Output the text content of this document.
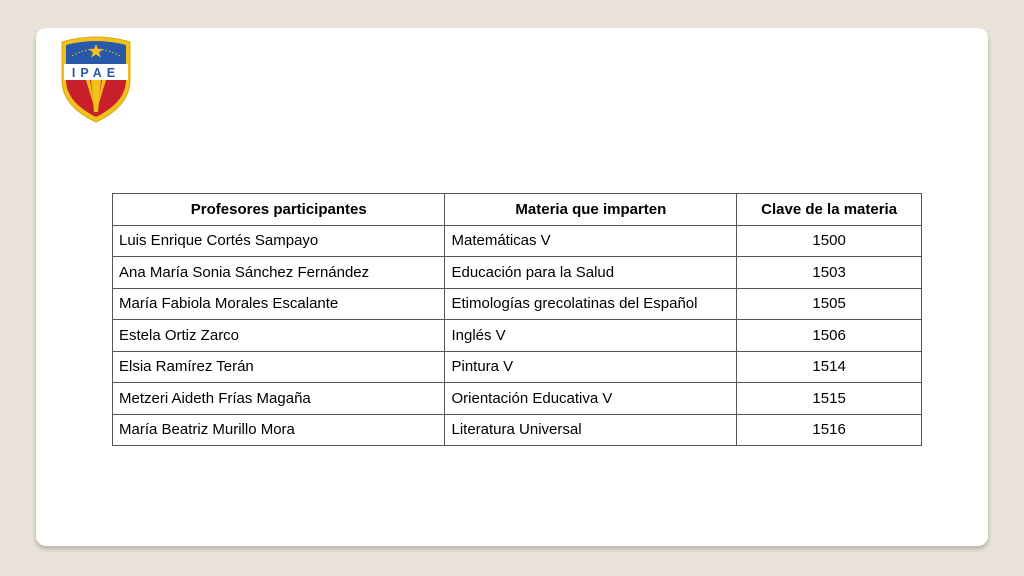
IPAE
Profesores participantes	Materia que imparten	Clave de la materia
Luis Enrique Cortés Sampayo	Matemáticas V	1500
Ana María Sonia Sánchez Fernández	Educación para la Salud	1503
María Fabiola Morales Escalante	Etimologías grecolatinas del Español	1505
Estela Ortiz Zarco	Inglés V	1506
Elsia Ramírez Terán	Pintura V	1514
Metzeri Aideth Frías Magaña	Orientación Educativa V	1515
María Beatriz Murillo Mora	Literatura Universal	1516
